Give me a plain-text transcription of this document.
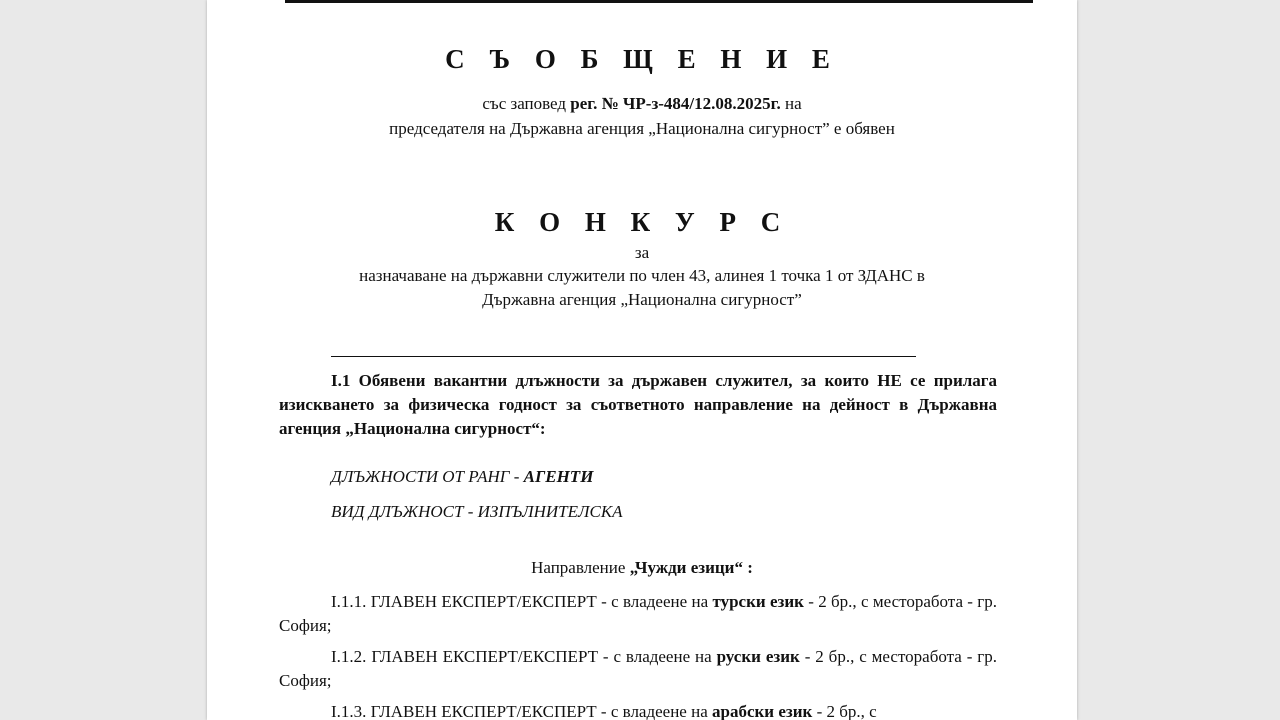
С Ъ О Б Щ Е Н И Е
със заповед рег. № ЧР-з-484/12.08.2025г. на
председателя на Държавна агенция „Национална сигурност” е обявен
К О Н К У Р С
за
назначаване на държавни служители по член 43, алинея 1 точка 1 от ЗДАНС в
Държавна агенция „Национална сигурност”
I.1 Обявени вакантни длъжности за държавен служител, за които НЕ се прилага изискването за физическа годност за съответното направление на дейност в Държавна агенция „Национална сигурност“:
ДЛЪЖНОСТИ ОТ РАНГ - АГЕНТИ
ВИД ДЛЪЖНОСТ - ИЗПЪЛНИТЕЛСКА
Направление „Чужди езици“ :
I.1.1. ГЛАВЕН ЕКСПЕРТ/ЕКСПЕРТ - с владеене на турски език - 2 бр., с месторабота - гр. София;
I.1.2. ГЛАВЕН ЕКСПЕРТ/ЕКСПЕРТ - с владеене на руски език - 2 бр., с месторабота - гр. София;
I.1.3. ГЛАВЕН ЕКСПЕРТ/ЕКСПЕРТ - с владеене на арабски език - 2 бр., с
